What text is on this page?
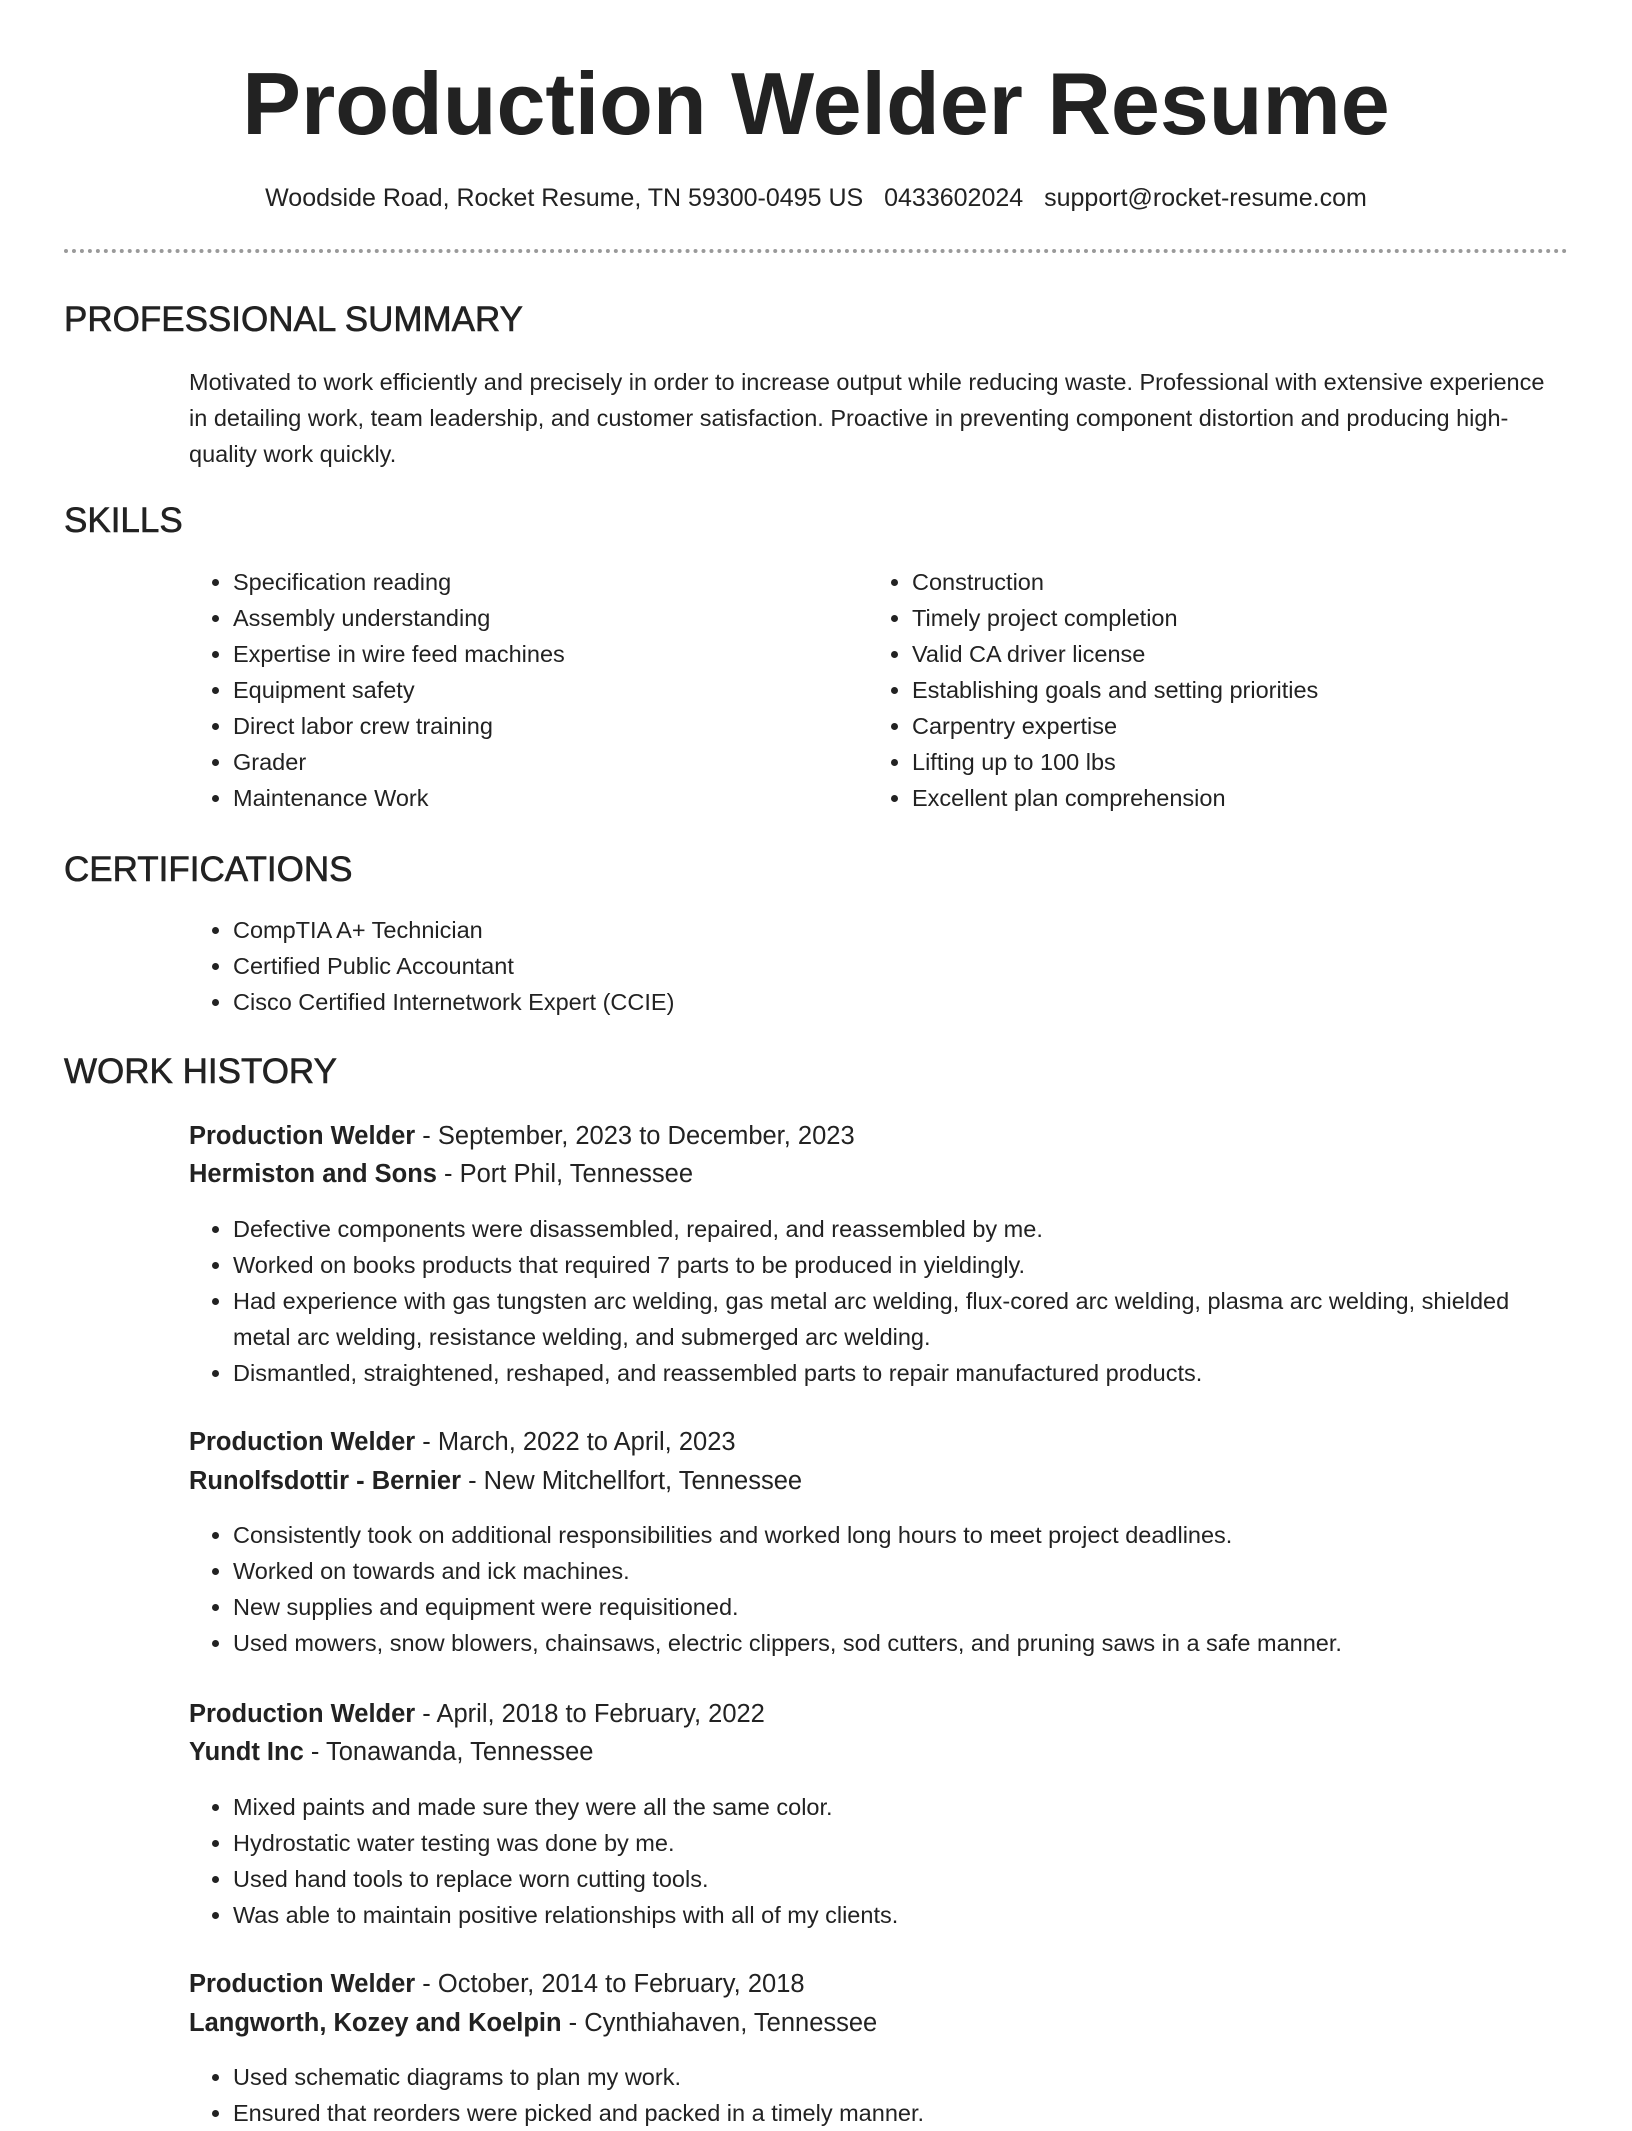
Production Welder Resume
Woodside Road, Rocket Resume, TN 59300-0495 US 0433602024 support@rocket-resume.com
PROFESSIONAL SUMMARY
Motivated to work efficiently and precisely in order to increase output while reducing waste. Professional with extensive experience in detailing work, team leadership, and customer satisfaction. Proactive in preventing component distortion and producing high-quality work quickly.
SKILLS
• Specification reading
• Assembly understanding
• Expertise in wire feed machines
• Equipment safety
• Direct labor crew training
• Grader
• Maintenance Work
• Construction
• Timely project completion
• Valid CA driver license
• Establishing goals and setting priorities
• Carpentry expertise
• Lifting up to 100 lbs
• Excellent plan comprehension
CERTIFICATIONS
• CompTIA A+ Technician
• Certified Public Accountant
• Cisco Certified Internetwork Expert (CCIE)
WORK HISTORY
Production Welder - September, 2023 to December, 2023
Hermiston and Sons - Port Phil, Tennessee
• Defective components were disassembled, repaired, and reassembled by me.
• Worked on books products that required 7 parts to be produced in yieldingly.
• Had experience with gas tungsten arc welding, gas metal arc welding, flux-cored arc welding, plasma arc welding, shielded metal arc welding, resistance welding, and submerged arc welding.
• Dismantled, straightened, reshaped, and reassembled parts to repair manufactured products.
Production Welder - March, 2022 to April, 2023
Runolfsdottir - Bernier - New Mitchellfort, Tennessee
• Consistently took on additional responsibilities and worked long hours to meet project deadlines.
• Worked on towards and ick machines.
• New supplies and equipment were requisitioned.
• Used mowers, snow blowers, chainsaws, electric clippers, sod cutters, and pruning saws in a safe manner.
Production Welder - April, 2018 to February, 2022
Yundt Inc - Tonawanda, Tennessee
• Mixed paints and made sure they were all the same color.
• Hydrostatic water testing was done by me.
• Used hand tools to replace worn cutting tools.
• Was able to maintain positive relationships with all of my clients.
Production Welder - October, 2014 to February, 2018
Langworth, Kozey and Koelpin - Cynthiahaven, Tennessee
• Used schematic diagrams to plan my work.
• Ensured that reorders were picked and packed in a timely manner.
